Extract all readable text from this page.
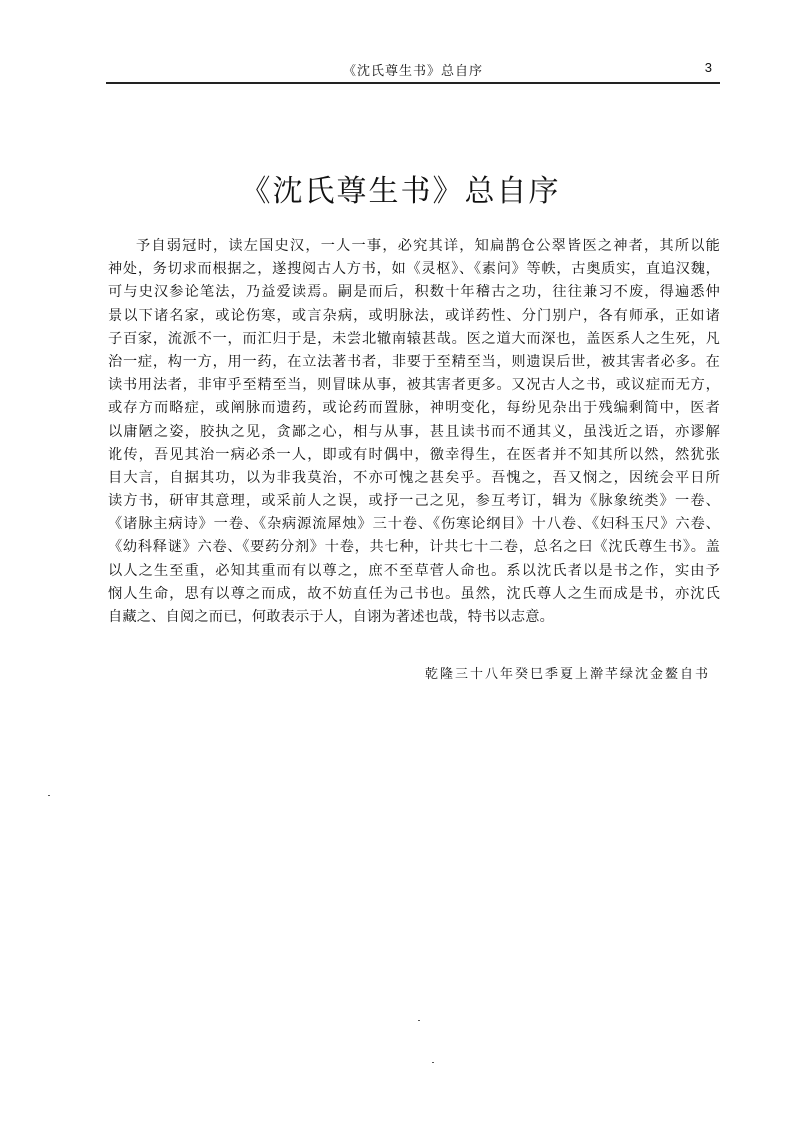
《沈氏尊生书》总自序	3
《沈氏尊生书》总自序
予自弱冠时，读左国史汉，一人一事，必究其详，知扁鹊仓公翠皆医之神者，其所以能
神处，务切求而根据之，遂搜阅古人方书，如《灵枢》、《素问》等帙，古奥质实，直追汉魏，
可与史汉参论笔法，乃益爱读焉。嗣是而后，积数十年稽古之功，往往兼习不废，得遍悉仲
景以下诸名家，或论伤寒，或言杂病，或明脉法，或详药性、分门别户，各有师承，正如诸
子百家，流派不一，而汇归于是，未尝北辙南辕甚哉。医之道大而深也，盖医系人之生死，凡
治一症，构一方，用一药，在立法著书者，非要于至精至当，则遗误后世，被其害者必多。在
读书用法者，非审乎至精至当，则冒昧从事，被其害者更多。又况古人之书，或议症而无方，
或存方而略症，或阐脉而遗药，或论药而置脉，神明变化，每纷见杂出于残编剩简中，医者
以庸陋之姿，胶执之见，贪鄙之心，相与从事，甚且读书而不通其义，虽浅近之语，亦谬解
讹传，吾见其治一病必杀一人，即或有时偶中，徼幸得生，在医者并不知其所以然，然犹张
目大言，自据其功，以为非我莫治，不亦可愧之甚矣乎。吾愧之，吾又悯之，因统会平日所
读方书，研审其意理，或采前人之误，或抒一己之见，参互考订，辑为《脉象统类》一卷、
《诸脉主病诗》一卷、《杂病源流犀烛》三十卷、《伤寒论纲目》十八卷、《妇科玉尺》六卷、
《幼科释谜》六卷、《要药分剂》十卷，共七种，计共七十二卷，总名之曰《沈氏尊生书》。盖
以人之生至重，必知其重而有以尊之，庶不至草菅人命也。系以沈氏者以是书之作，实由予
悯人生命，思有以尊之而成，故不妨直任为己书也。虽然，沈氏尊人之生而成是书，亦沈氏
自藏之、自阅之而已，何敢表示于人，自诩为著述也哉，特书以志意。
乾隆三十八年癸巳季夏上澣芊绿沈金鳌自书
